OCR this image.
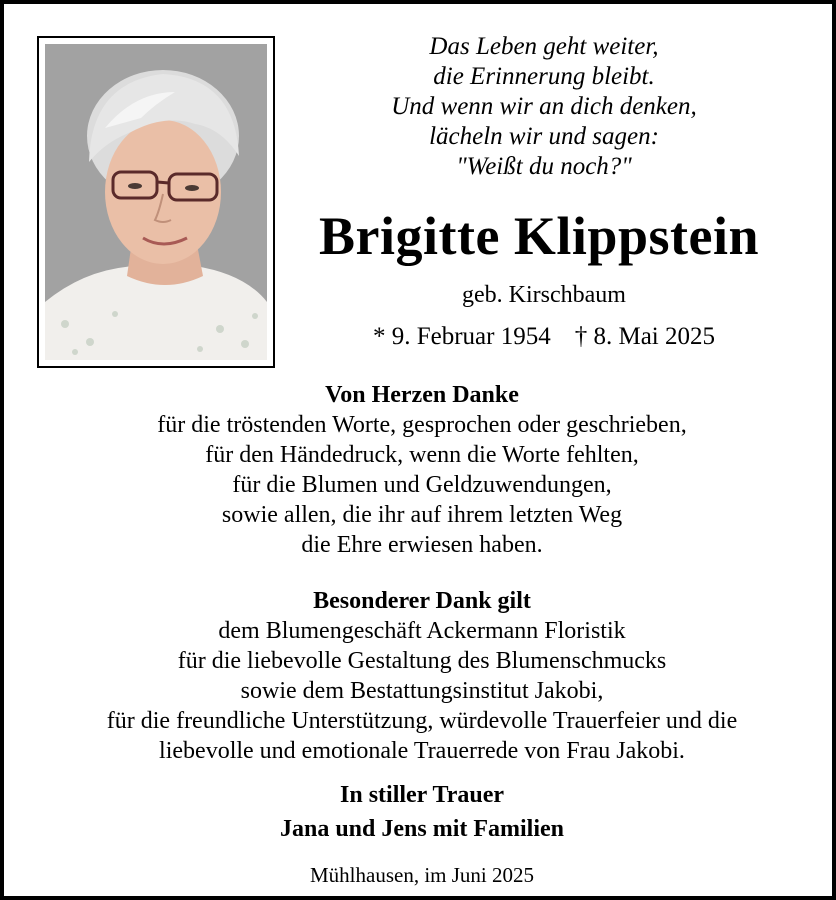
Das Leben geht weiter,
die Erinnerung bleibt.
Und wenn wir an dich denken,
lächeln wir und sagen:
"Weißt du noch?"
Brigitte Klippstein
geb. Kirschbaum
* 9. Februar 1954 † 8. Mai 2025
Von Herzen Danke
für die tröstenden Worte, gesprochen oder geschrieben,
für den Händedruck, wenn die Worte fehlten,
für die Blumen und Geldzuwendungen,
sowie allen, die ihr auf ihrem letzten Weg
die Ehre erwiesen haben.
Besonderer Dank gilt
dem Blumengeschäft Ackermann Floristik
für die liebevolle Gestaltung des Blumenschmucks
sowie dem Bestattungsinstitut Jakobi,
für die freundliche Unterstützung, würdevolle Trauerfeier und die
liebevolle und emotionale Trauerrede von Frau Jakobi.
In stiller Trauer
Jana und Jens mit Familien
Mühlhausen, im Juni 2025
